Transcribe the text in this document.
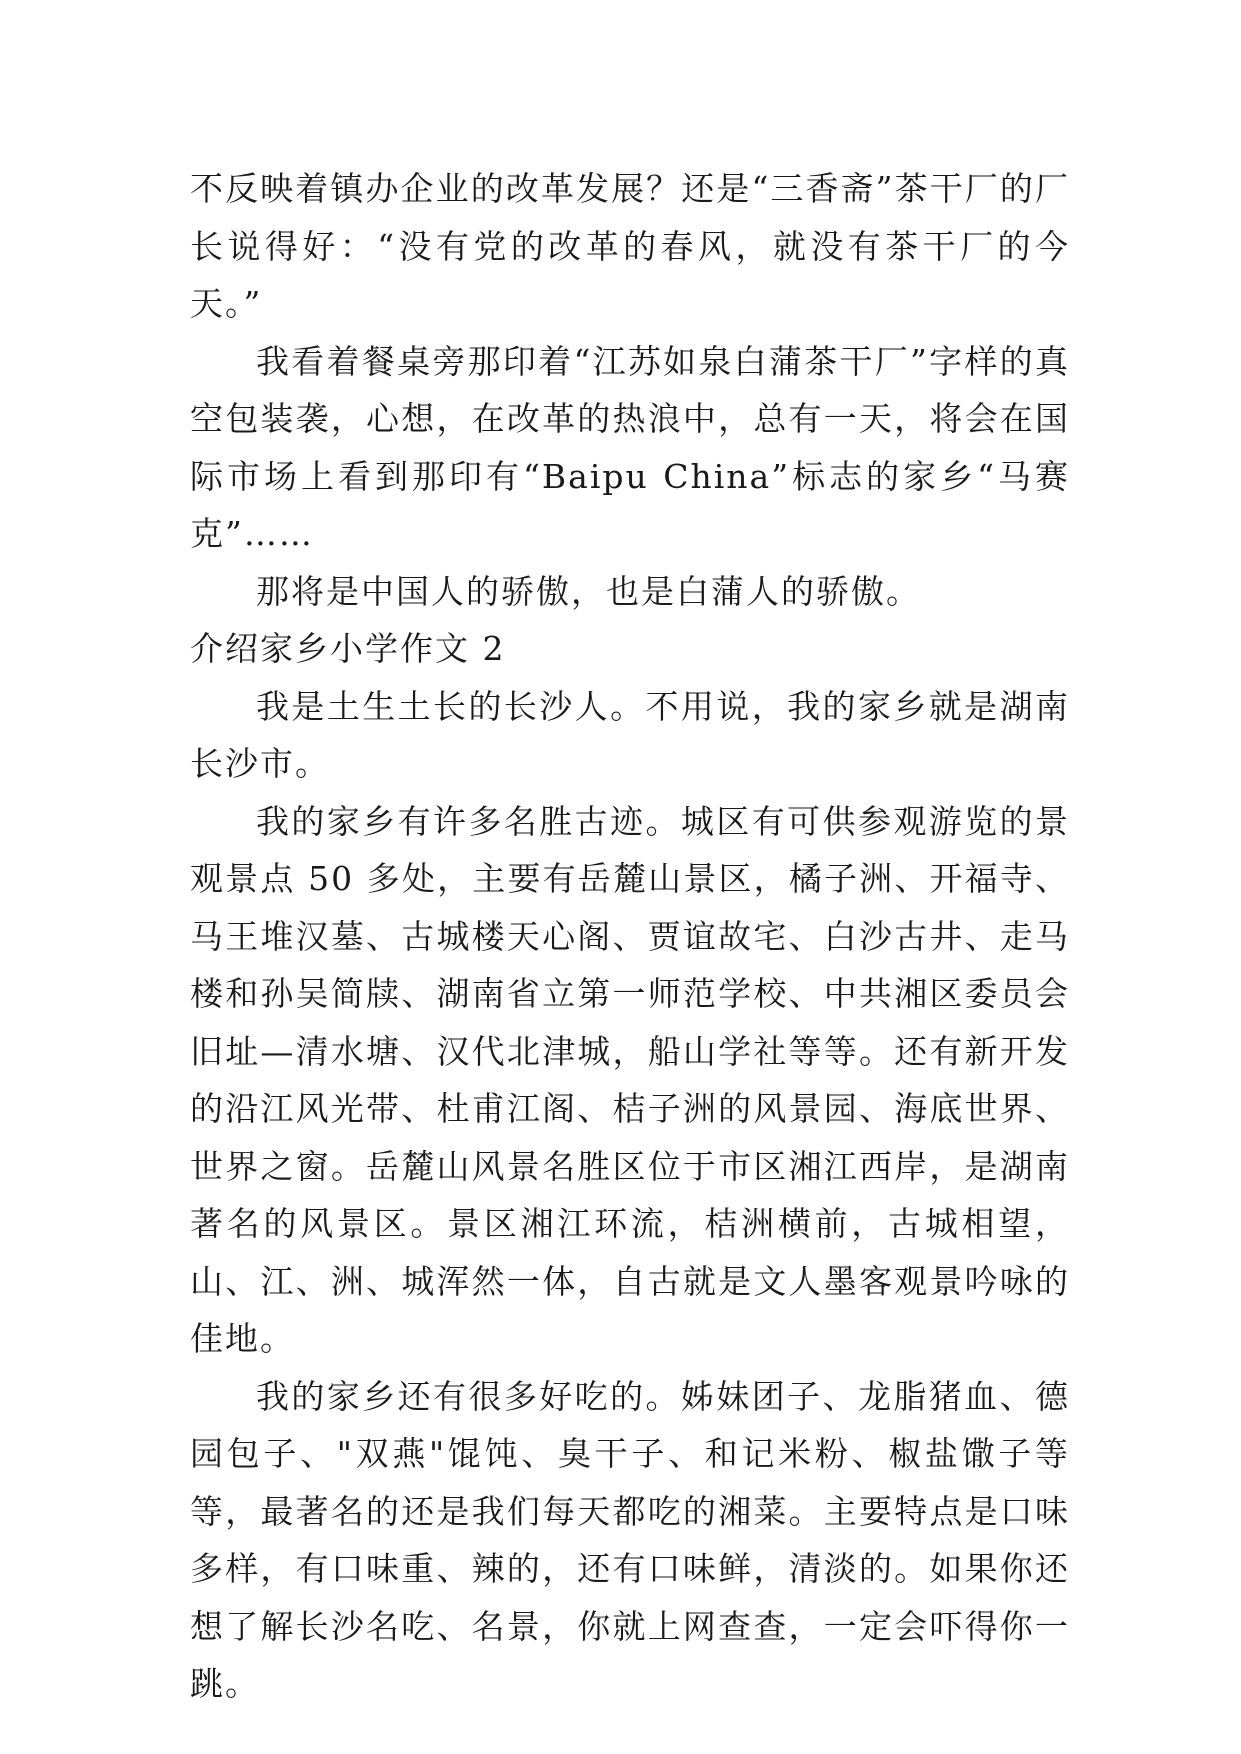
不反映着镇办企业的改革发展？还是“三香斋”茶干厂的厂长说得好：“没有党的改革的春风，就没有茶干厂的今天。”

我看着餐桌旁那印着“江苏如泉白蒲茶干厂”字样的真空包装袭，心想，在改革的热浪中，总有一天，将会在国际市场上看到那印有“Baipu China”标志的家乡“马赛克”……

那将是中国人的骄傲，也是白蒲人的骄傲。

介绍家乡小学作文 2

我是土生土长的长沙人。不用说，我的家乡就是湖南长沙市。

我的家乡有许多名胜古迹。城区有可供参观游览的景观景点 50 多处，主要有岳麓山景区，橘子洲、开福寺、马王堆汉墓、古城楼天心阁、贾谊故宅、白沙古井、走马楼和孙吴简牍、湖南省立第一师范学校、中共湘区委员会旧址—清水塘、汉代北津城，船山学社等等。还有新开发的沿江风光带、杜甫江阁、桔子洲的风景园、海底世界、世界之窗。岳麓山风景名胜区位于市区湘江西岸，是湖南著名的风景区。景区湘江环流，桔洲横前，古城相望，山、江、洲、城浑然一体，自古就是文人墨客观景吟咏的佳地。

我的家乡还有很多好吃的。姊妹团子、龙脂猪血、德园包子、"双燕"馄饨、臭干子、和记米粉、椒盐馓子等等，最著名的还是我们每天都吃的湘菜。主要特点是口味多样，有口味重、辣的，还有口味鲜，清淡的。如果你还想了解长沙名吃、名景，你就上网查查，一定会吓得你一跳。
